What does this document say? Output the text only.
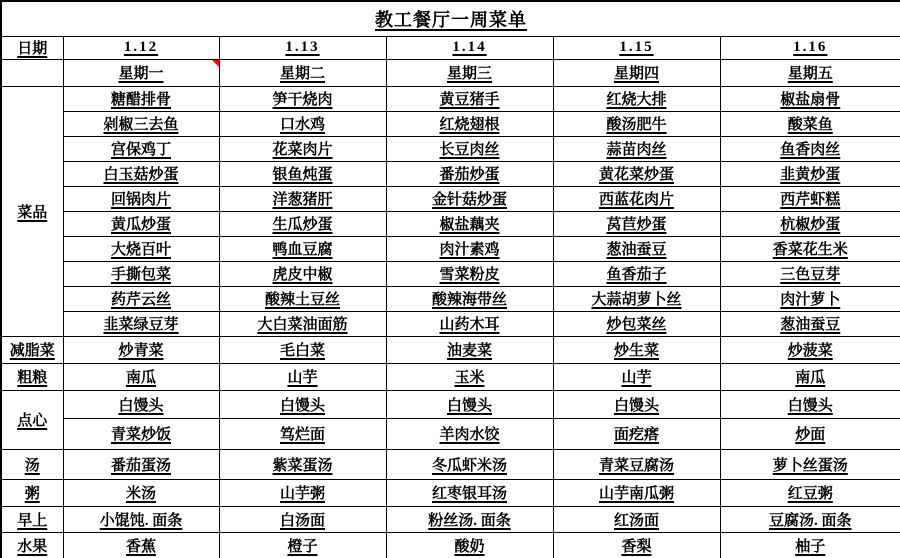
教工餐厅一周菜单					
日期	1.12	1.13	1.14	1.15	1.16
	星期一	星期二	星期三	星期四	星期五
菜品	糖醋排骨	笋干烧肉	黄豆猪手	红烧大排	椒盐扇骨
	剁椒三去鱼	口水鸡	红烧翅根	酸汤肥牛	酸菜鱼
	宫保鸡丁	花菜肉片	长豆肉丝	蒜苗肉丝	鱼香肉丝
	白玉菇炒蛋	银鱼炖蛋	番茄炒蛋	黄花菜炒蛋	韭黄炒蛋
	回锅肉片	洋葱猪肝	金针菇炒蛋	西蓝花肉片	西芹虾糕
	黄瓜炒蛋	生瓜炒蛋	椒盐藕夹	莴苣炒蛋	杭椒炒蛋
	大烧百叶	鸭血豆腐	肉汁素鸡	葱油蚕豆	香菜花生米
	手撕包菜	虎皮中椒	雪菜粉皮	鱼香茄子	三色豆芽
	药芹云丝	酸辣土豆丝	酸辣海带丝	大蒜胡萝卜丝	肉汁萝卜
	韭菜绿豆芽	大白菜油面筋	山药木耳	炒包菜丝	葱油蚕豆
减脂菜	炒青菜	毛白菜	油麦菜	炒生菜	炒菠菜
粗粮	南瓜	山芋	玉米	山芋	南瓜
点心	白馒头	白馒头	白馒头	白馒头	白馒头
	青菜炒饭	笃烂面	羊肉水饺	面疙瘩	炒面
汤	番茄蛋汤	紫菜蛋汤	冬瓜虾米汤	青菜豆腐汤	萝卜丝蛋汤
粥	米汤	山芋粥	红枣银耳汤	山芋南瓜粥	红豆粥
早上	小馄饨. 面条	白汤面	粉丝汤. 面条	红汤面	豆腐汤. 面条
水果	香蕉	橙子	酸奶	香梨	柚子
